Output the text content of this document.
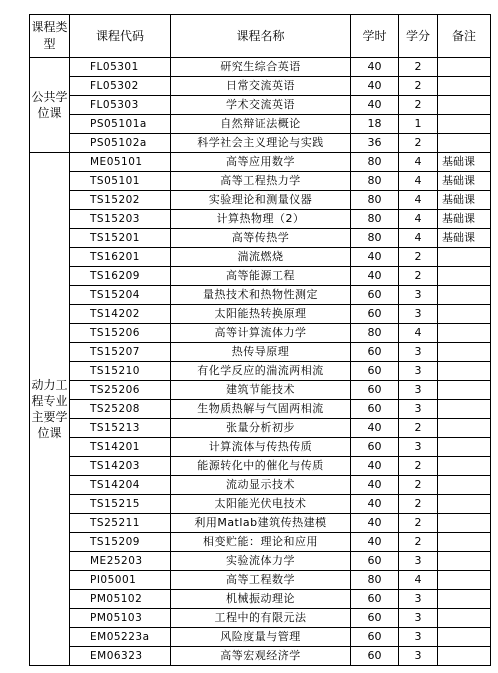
课程类型	课程代码	课程名称	学时	学分	备注
公共学位课	FL05301	研究生综合英语	40	2	
	FL05302	日常交流英语	40	2	
	FL05303	学术交流英语	40	2	
	PS05101a	自然辩证法概论	18	1	
	PS05102a	科学社会主义理论与实践	36	2	
动力工程专业主要学位课	ME05101	高等应用数学	80	4	基础课
	TS05101	高等工程热力学	80	4	基础课
	TS15202	实验理论和测量仪器	80	4	基础课
	TS15203	计算热物理（2）	80	4	基础课
	TS15201	高等传热学	80	4	基础课
	TS16201	湍流燃烧	40	2	
	TS16209	高等能源工程	40	2	
	TS15204	量热技术和热物性测定	60	3	
	TS14202	太阳能热转换原理	60	3	
	TS15206	高等计算流体力学	80	4	
	TS15207	热传导原理	60	3	
	TS15210	有化学反应的湍流两相流	60	3	
	TS25206	建筑节能技术	60	3	
	TS25208	生物质热解与气固两相流	60	3	
	TS15213	张量分析初步	40	2	
	TS14201	计算流体与传热传质	60	3	
	TS14203	能源转化中的催化与传质	40	2	
	TS14204	流动显示技术	40	2	
	TS15215	太阳能光伏电技术	40	2	
	TS25211	利用Matlab建筑传热建模	40	2	
	TS15209	相变贮能：理论和应用	40	2	
	ME25203	实验流体力学	60	3	
	PI05001	高等工程数学	80	4	
	PM05102	机械振动理论	60	3	
	PM05103	工程中的有限元法	60	3	
	EM05223a	风险度量与管理	60	3	
	EM06323	高等宏观经济学	60	3	
